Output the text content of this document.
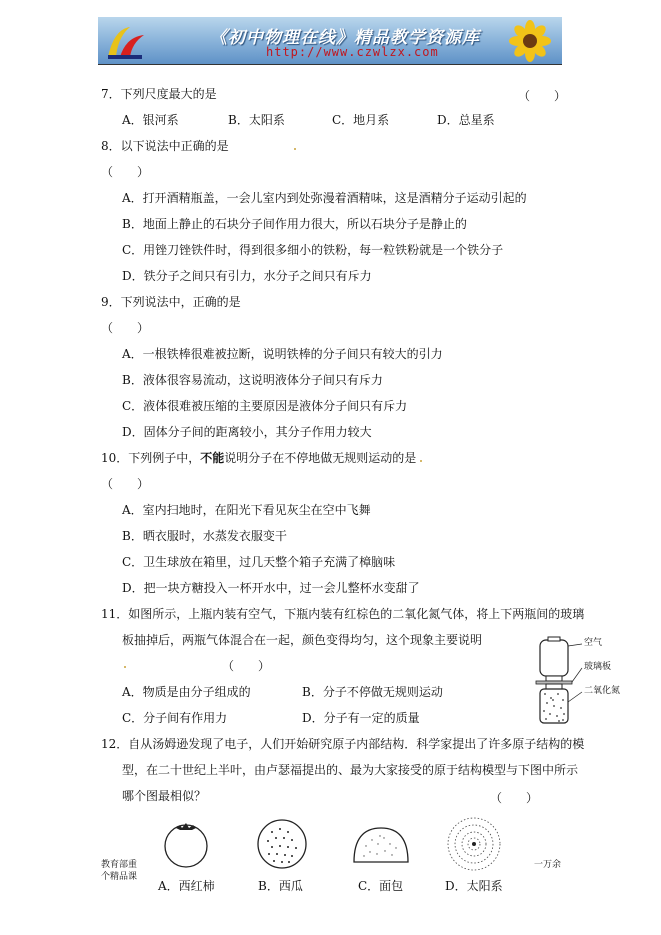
《初中物理在线》精品教学资源库
http://www.czwlzx.com
7．下列尺度最大的是	（　　）
A．银河系	B．太阳系	C．地月系	D．总星系
8．以下说法中正确的是
（　　）
A．打开酒精瓶盖，一会儿室内到处弥漫着酒精味，这是酒精分子运动引起的
B．地面上静止的石块分子间作用力很大，所以石块分子是静止的
C．用锉刀锉铁件时，得到很多细小的铁粉，每一粒铁粉就是一个铁分子
D．铁分子之间只有引力，水分子之间只有斥力
9．下列说法中，正确的是
（　　）
A．一根铁棒很难被拉断，说明铁棒的分子间只有较大的引力
B．液体很容易流动，这说明液体分子间只有斥力
C．液体很难被压缩的主要原因是液体分子间只有斥力
D．固体分子间的距离较小，其分子作用力较大
10．下列例子中，不能说明分子在不停地做无规则运动的是
（　　）
A．室内扫地时，在阳光下看见灰尘在空中飞舞
B．晒衣服时，水蒸发衣服变干
C．卫生球放在箱里，过几天整个箱子充满了樟脑味
D．把一块方糖投入一杯开水中，过一会儿整杯水变甜了
11．如图所示，上瓶内装有空气，下瓶内装有红棕色的二氧化氮气体，将上下两瓶间的玻璃
板抽掉后，两瓶气体混合在一起，颜色变得均匀，这个现象主要说明
（　　）
A．物质是由分子组成的	B．分子不停做无规则运动
C．分子间有作用力	D．分子有一定的质量
空气
玻璃板
二氧化氮
12．自从汤姆逊发现了电子，人们开始研究原子内部结构．科学家提出了许多原子结构的模
型，在二十世纪上半叶，由卢瑟福提出的、最为大家接受的原于结构模型与下图中所示
哪个图最相似？	（　　）
A．西红柿	B．西瓜	C．面包	D．太阳系
教育部重
个精品课
一万余
